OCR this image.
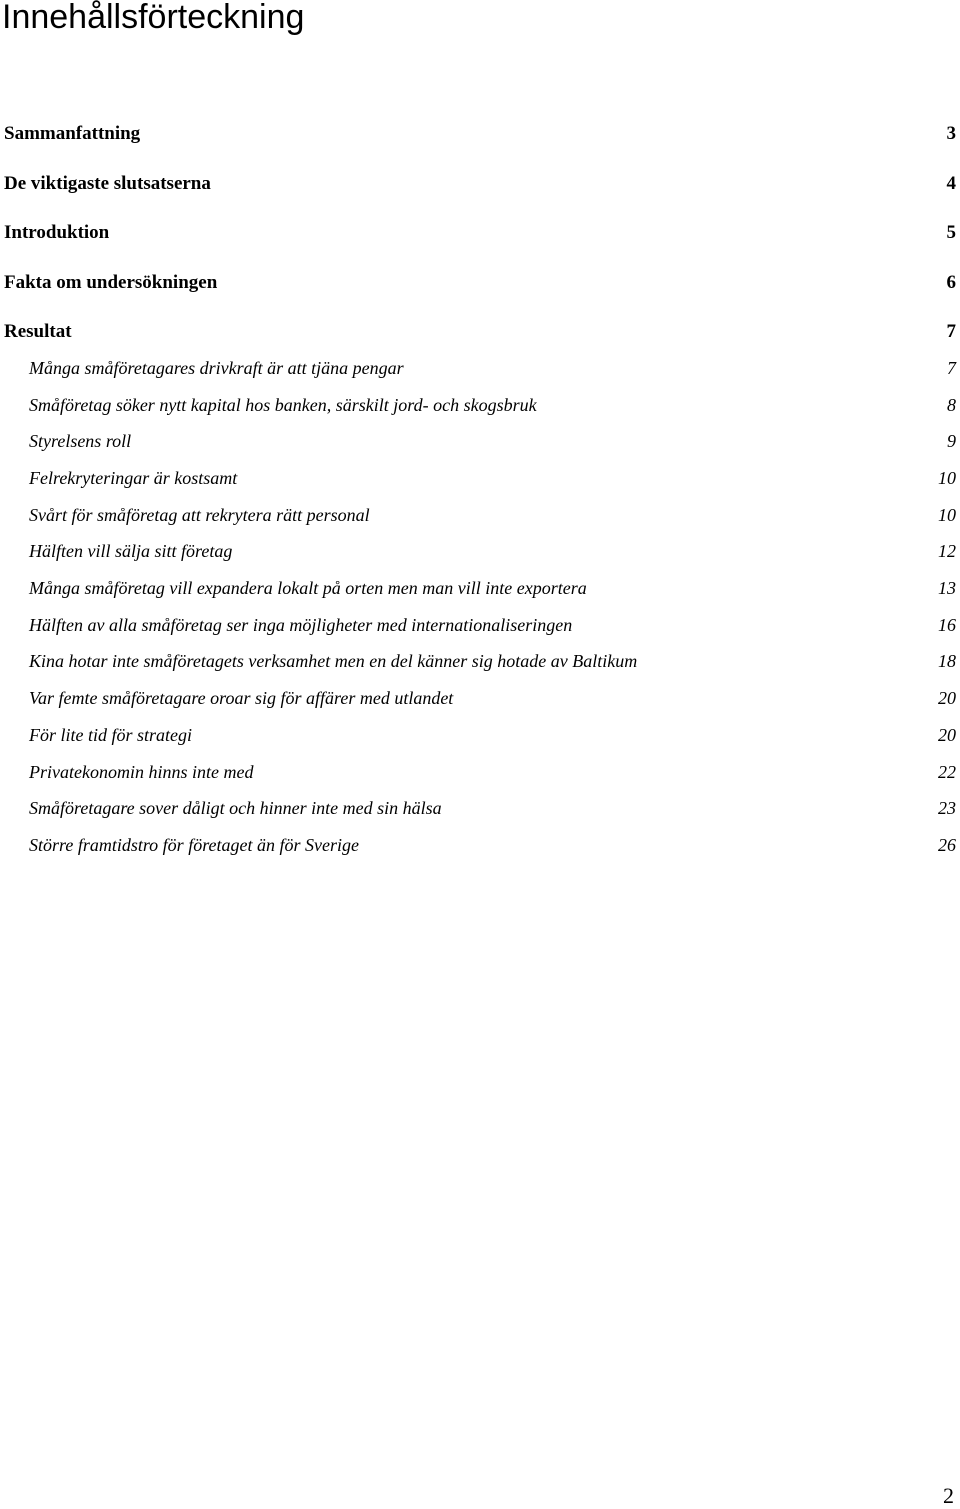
Innehållsförteckning
Sammanfattning	3
De viktigaste slutsatserna	4
Introduktion	5
Fakta om undersökningen	6
Resultat	7
Många småföretagares drivkraft är att tjäna pengar	7
Småföretag söker nytt kapital hos banken, särskilt jord- och skogsbruk	8
Styrelsens roll	9
Felrekryteringar är kostsamt	10
Svårt för småföretag att rekrytera rätt personal	10
Hälften vill sälja sitt företag	12
Många småföretag vill expandera lokalt på orten men man vill inte exportera	13
Hälften av alla småföretag ser inga möjligheter med internationaliseringen	16
Kina hotar inte småföretagets verksamhet men en del känner sig hotade av Baltikum	18
Var femte småföretagare oroar sig för affärer med utlandet	20
För lite tid för strategi	20
Privatekonomin hinns inte med	22
Småföretagare sover dåligt och hinner inte med sin hälsa	23
Större framtidstro för företaget än för Sverige	26
2
